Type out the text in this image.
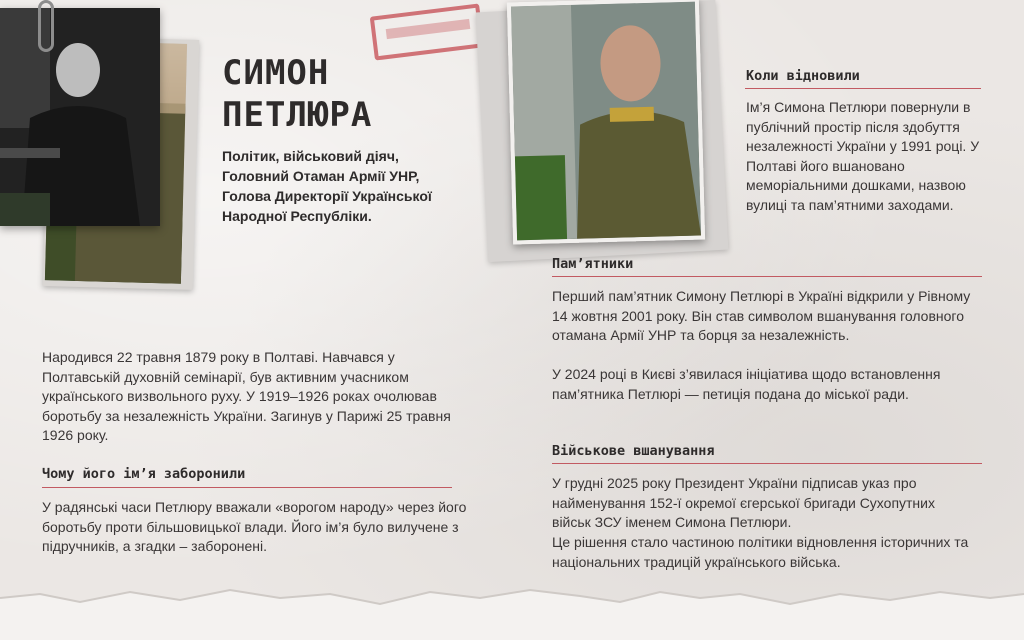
СИМОН
ПЕТЛЮРА
Політик, військовий діяч, Головний Отаман Армії УНР, Голова Директорії Української Народної Республіки.
Народився 22 травня 1879 року в Полтаві. Навчався у Полтавській духовній семінарії, був активним учасником українського визвольного руху. У 1919–1926 роках очолював боротьбу за незалежність України. Загинув у Парижі 25 травня 1926 року.
Чому його ім’я заборонили
У радянські часи Петлюру вважали «ворогом народу» через його боротьбу проти більшовицької влади. Його ім’я було вилучене з підручників, а згадки – заборонені.
Коли відновили
Ім’я Симона Петлюри повернули в публічний простір після здобуття незалежності України у 1991 році. У Полтаві його вшановано меморіальними дошками, назвою вулиці та пам’ятними заходами.
Пам’ятники
Перший пам’ятник Симону Петлюрі в Україні відкрили у Рівному 14 жовтня 2001 року. Він став символом вшанування головного отамана Армії УНР та борця за незалежність.
У 2024 році в Києві з’явилася ініціатива щодо встановлення пам’ятника Петлюрі — петиція подана до міської ради.
Військове вшанування
У грудні 2025 року Президент України підписав указ про найменування 152-ї окремої єгерської бригади Сухопутних військ ЗСУ іменем Симона Петлюри.
Це рішення стало частиною політики відновлення історичних та національних традицій українського війська.
